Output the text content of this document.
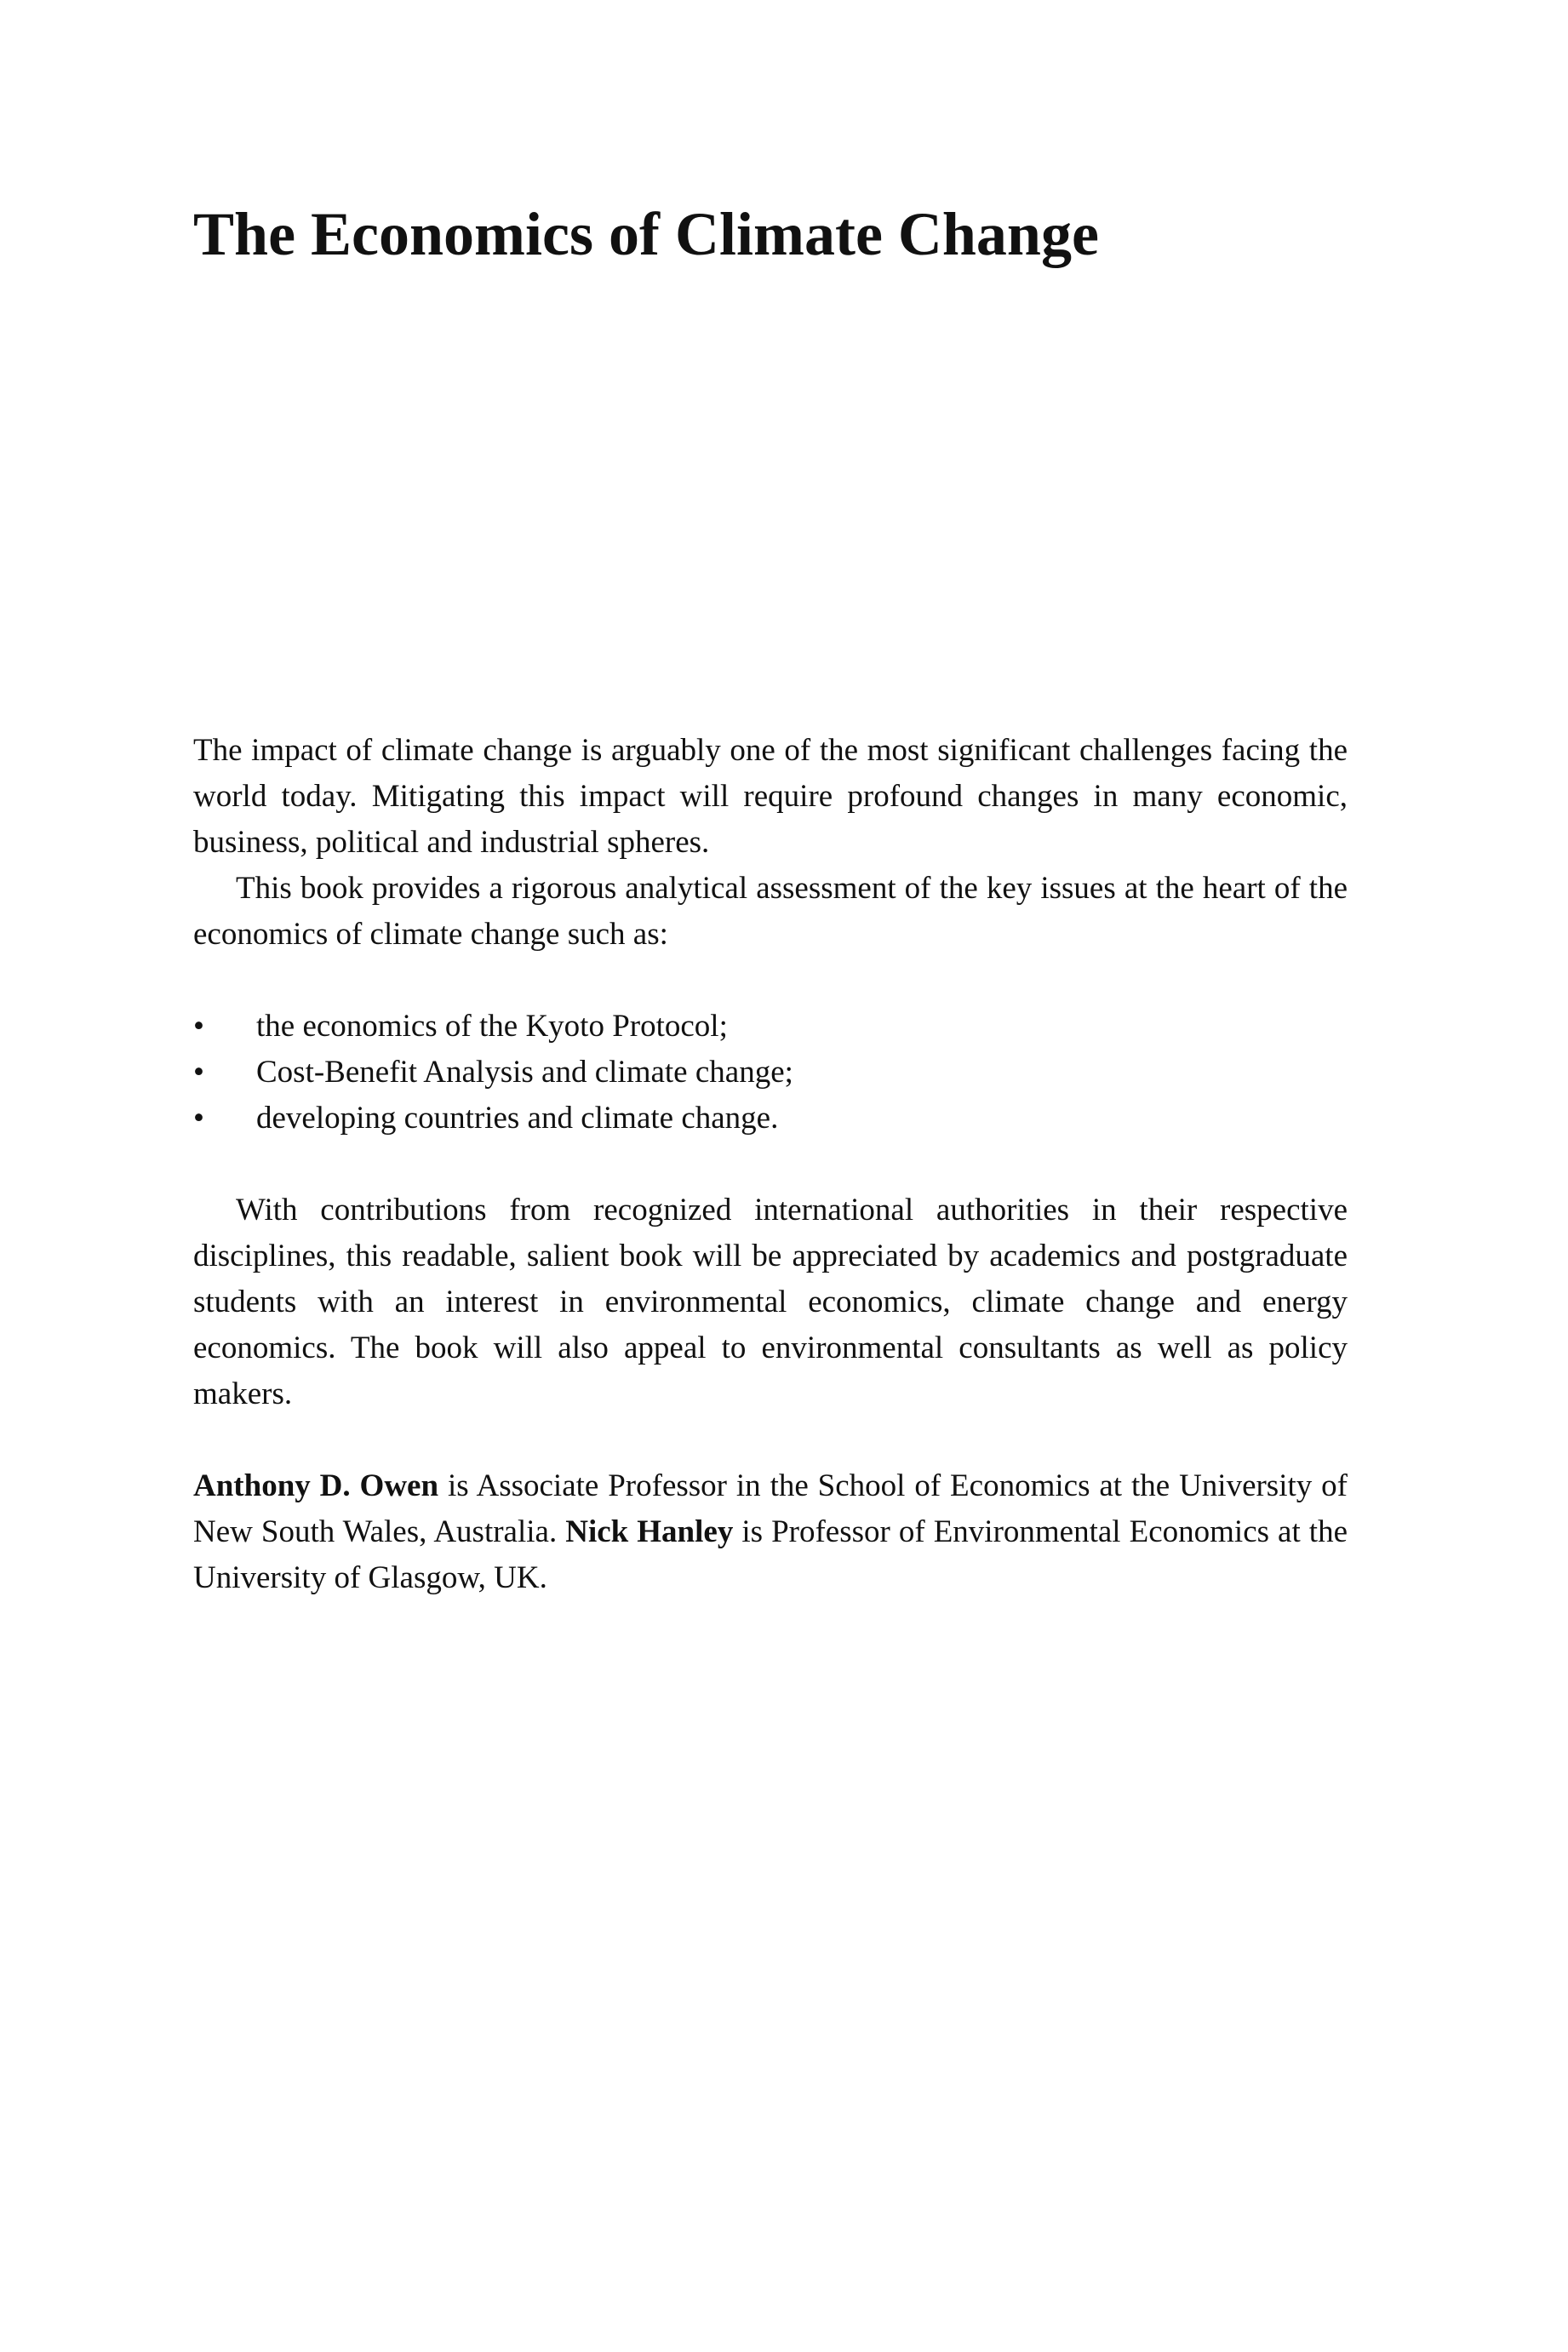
The Economics of Climate Change

The impact of climate change is arguably one of the most significant challenges facing the world today. Mitigating this impact will require profound changes in many economic, business, political and industrial spheres.

This book provides a rigorous analytical assessment of the key issues at the heart of the economics of climate change such as:

• the economics of the Kyoto Protocol;
• Cost-Benefit Analysis and climate change;
• developing countries and climate change.

With contributions from recognized international authorities in their respective disciplines, this readable, salient book will be appreciated by academics and postgraduate students with an interest in environmental economics, climate change and energy economics. The book will also appeal to environmental consultants as well as policy makers.

Anthony D. Owen is Associate Professor in the School of Economics at the University of New South Wales, Australia. Nick Hanley is Professor of Environmental Economics at the University of Glasgow, UK.
